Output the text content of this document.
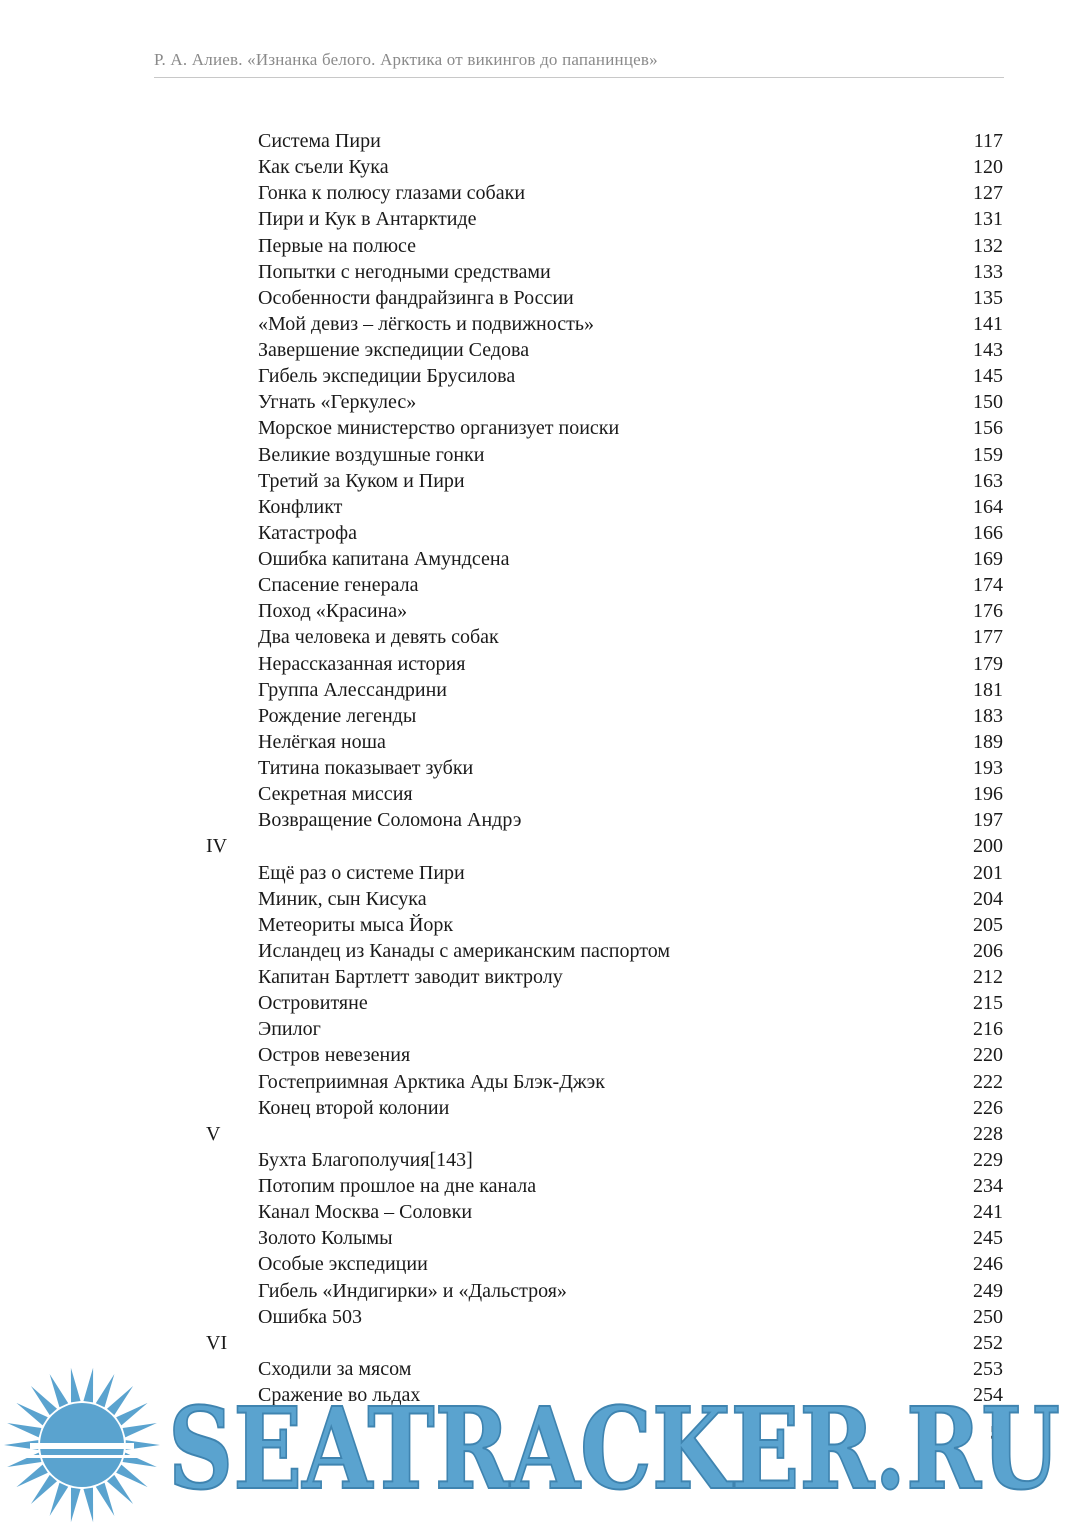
Р. А. Алиев. «Изнанка белого. Арктика от викингов до папанинцев»
Система Пири	117
Как съели Кука	120
Гонка к полюсу глазами собаки	127
Пири и Кук в Антарктиде	131
Первые на полюсе	132
Попытки с негодными средствами	133
Особенности фандрайзинга в России	135
«Мой девиз – лёгкость и подвижность»	141
Завершение экспедиции Седова	143
Гибель экспедиции Брусилова	145
Угнать «Геркулес»	150
Морское министерство организует поиски	156
Великие воздушные гонки	159
Третий за Куком и Пири	163
Конфликт	164
Катастрофа	166
Ошибка капитана Амундсена	169
Спасение генерала	174
Поход «Красина»	176
Два человека и девять собак	177
Нерассказанная история	179
Группа Алессандрини	181
Рождение легенды	183
Нелёгкая ноша	189
Титина показывает зубки	193
Секретная миссия	196
Возвращение Соломона Андрэ	197
IV	200
Ещё раз о системе Пири	201
Миник, сын Кисука	204
Метеориты мыса Йорк	205
Исландец из Канады с американским паспортом	206
Капитан Бартлетт заводит виктролу	212
Островитяне	215
Эпилог	216
Остров невезения	220
Гостеприимная Арктика Ады Блэк-Джэк	222
Конец второй колонии	226
V	228
Бухта Благополучия[143]	229
Потопим прошлое на дне канала	234
Канал Москва – Соловки	241
Золото Колымы	245
Особые экспедиции	246
Гибель «Индигирки» и «Дальстроя»	249
Ошибка 503	250
VI	252
Сходили за мясом	253
Сражение во льдах	254
5
SEATRACKER.RU
